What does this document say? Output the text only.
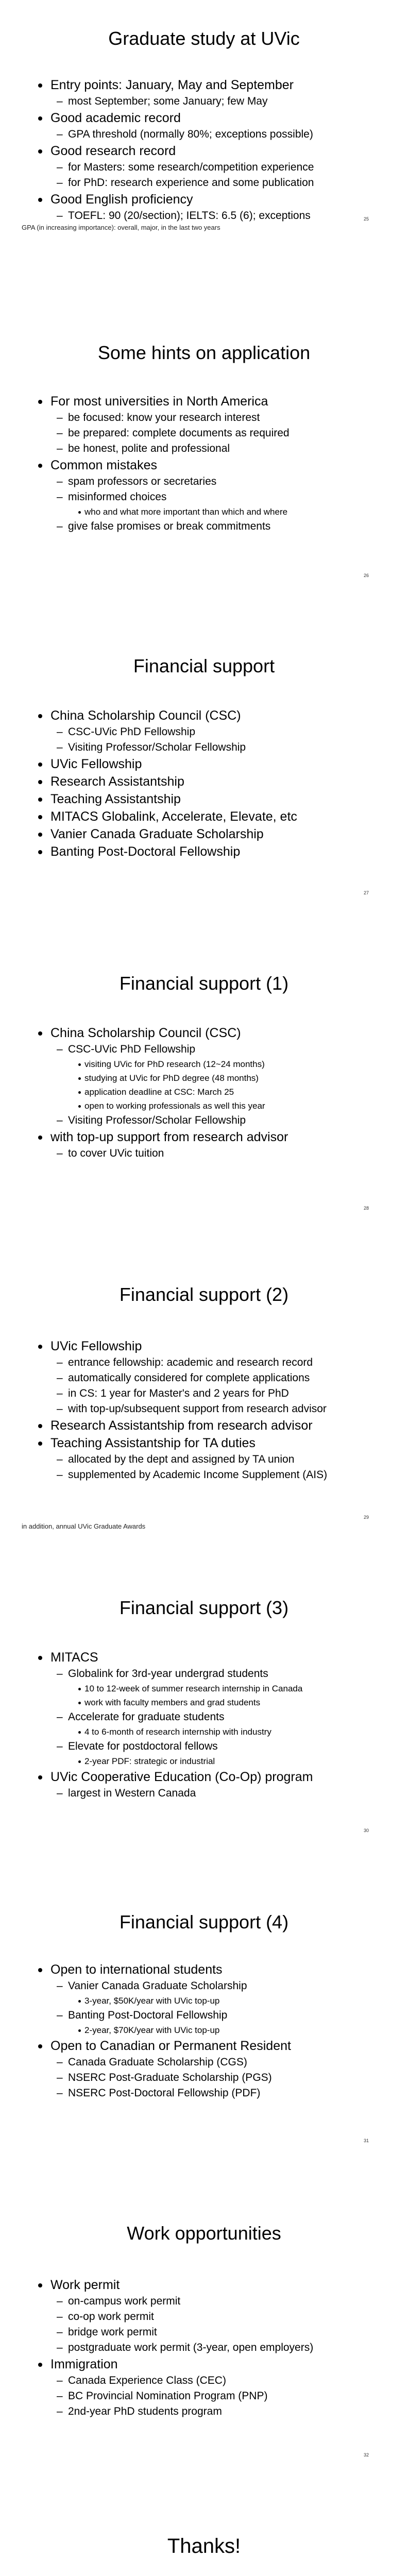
Graduate study at UVic
Entry points: January, May and September
– most September; some January; few May
Good academic record
– GPA threshold (normally 80%; exceptions possible)
Good research record
– for Masters: some research/competition experience
– for PhD: research experience and some publication
Good English proficiency
– TOEFL: 90 (20/section); IELTS: 6.5 (6); exceptions	25
GPA (in increasing importance): overall, major, in the last two years
Some hints on application
For most universities in North America
– be focused: know your research interest
– be prepared: complete documents as required
– be honest, polite and professional
Common mistakes
– spam professors or secretaries
– misinformed choices
who and what more important than which and where
– give false promises or break commitments
26
Financial support
China Scholarship Council (CSC)
– CSC-UVic PhD Fellowship
– Visiting Professor/Scholar Fellowship
UVic Fellowship
Research Assistantship
Teaching Assistantship
MITACS Globalink, Accelerate, Elevate, etc
Vanier Canada Graduate Scholarship
Banting Post-Doctoral Fellowship
27
Financial support (1)
China Scholarship Council (CSC)
– CSC-UVic PhD Fellowship
visiting UVic for PhD research (12~24 months)
studying at UVic for PhD degree (48 months)
application deadline at CSC: March 25
open to working professionals as well this year
– Visiting Professor/Scholar Fellowship
with top-up support from research advisor
– to cover UVic tuition
28
Financial support (2)
UVic Fellowship
– entrance fellowship: academic and research record
– automatically considered for complete applications
– in CS: 1 year for Master's and 2 years for PhD
– with top-up/subsequent support from research advisor
Research Assistantship from research advisor
Teaching Assistantship for TA duties
– allocated by the dept and assigned by TA union
– supplemented by Academic Income Supplement (AIS)
29
in addition, annual UVic Graduate Awards
Financial support (3)
MITACS
– Globalink for 3rd-year undergrad students
10 to 12-week of summer research internship in Canada
work with faculty members and grad students
– Accelerate for graduate students
4 to 6-month of research internship with industry
– Elevate for postdoctoral fellows
2-year PDF: strategic or industrial
UVic Cooperative Education (Co-Op) program
– largest in Western Canada
30
Financial support (4)
Open to international students
– Vanier Canada Graduate Scholarship
3-year, $50K/year with UVic top-up
– Banting Post-Doctoral Fellowship
2-year, $70K/year with UVic top-up
Open to Canadian or Permanent Resident
– Canada Graduate Scholarship (CGS)
– NSERC Post-Graduate Scholarship (PGS)
– NSERC Post-Doctoral Fellowship (PDF)
31
Work opportunities
Work permit
– on-campus work permit
– co-op work permit
– bridge work permit
– postgraduate work permit (3-year, open employers)
Immigration
– Canada Experience Class (CEC)
– BC Provincial Nomination Program (PNP)
– 2nd-year PhD students program
32
Thanks!
